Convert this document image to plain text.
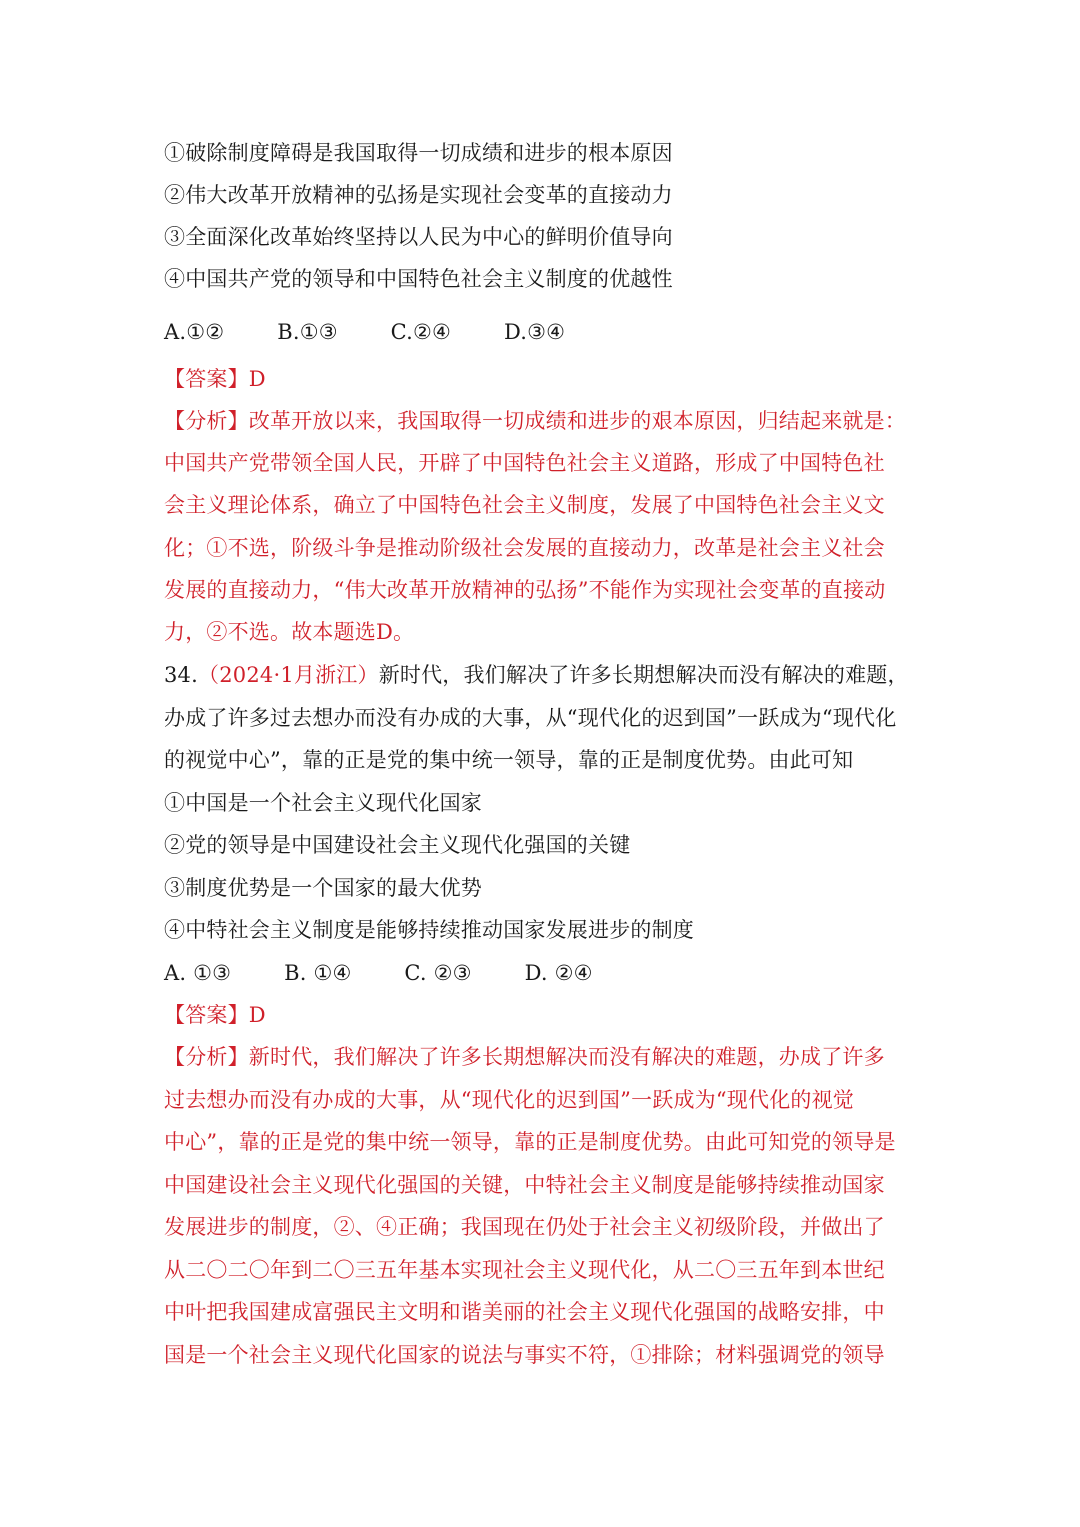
①破除制度障碍是我国取得一切成绩和进步的根本原因
②伟大改革开放精神的弘扬是实现社会变革的直接动力
③全面深化改革始终坚持以人民为中心的鲜明价值导向
④中国共产党的领导和中国特色社会主义制度的优越性
A.①②	B.①③	C.②④	D.③④
【答案】D
【分析】改革开放以来，我国取得一切成绩和进步的艰本原因，归结起来就是：
中国共产党带领全国人民，开辟了中国特色社会主义道路，形成了中国特色社
会主义理论体系，确立了中国特色社会主义制度，发展了中国特色社会主义文
化；①不选，阶级斗争是推动阶级社会发展的直接动力，改革是社会主义社会
发展的直接动力，“伟大改革开放精神的弘扬”不能作为实现社会变革的直接动
力，②不选。故本题选D。
34.（2024·1月浙江）新时代，我们解决了许多长期想解决而没有解决的难题，
办成了许多过去想办而没有办成的大事，从“现代化的迟到国”一跃成为“现代化
的视觉中心”，靠的正是党的集中统一领导，靠的正是制度优势。由此可知
①中国是一个社会主义现代化国家
②党的领导是中国建设社会主义现代化强国的关键
③制度优势是一个国家的最大优势
④中特社会主义制度是能够持续推动国家发展进步的制度
A. ①③	B. ①④	C. ②③	D. ②④
【答案】D
【分析】新时代，我们解决了许多长期想解决而没有解决的难题，办成了许多
过去想办而没有办成的大事，从“现代化的迟到国”一跃成为“现代化的视觉
中心”，靠的正是党的集中统一领导，靠的正是制度优势。由此可知党的领导是
中国建设社会主义现代化强国的关键，中特社会主义制度是能够持续推动国家
发展进步的制度，②、④正确；我国现在仍处于社会主义初级阶段，并做出了
从二〇二〇年到二〇三五年基本实现社会主义现代化，从二〇三五年到本世纪
中叶把我国建成富强民主文明和谐美丽的社会主义现代化强国的战略安排，中
国是一个社会主义现代化国家的说法与事实不符，①排除；材料强调党的领导
